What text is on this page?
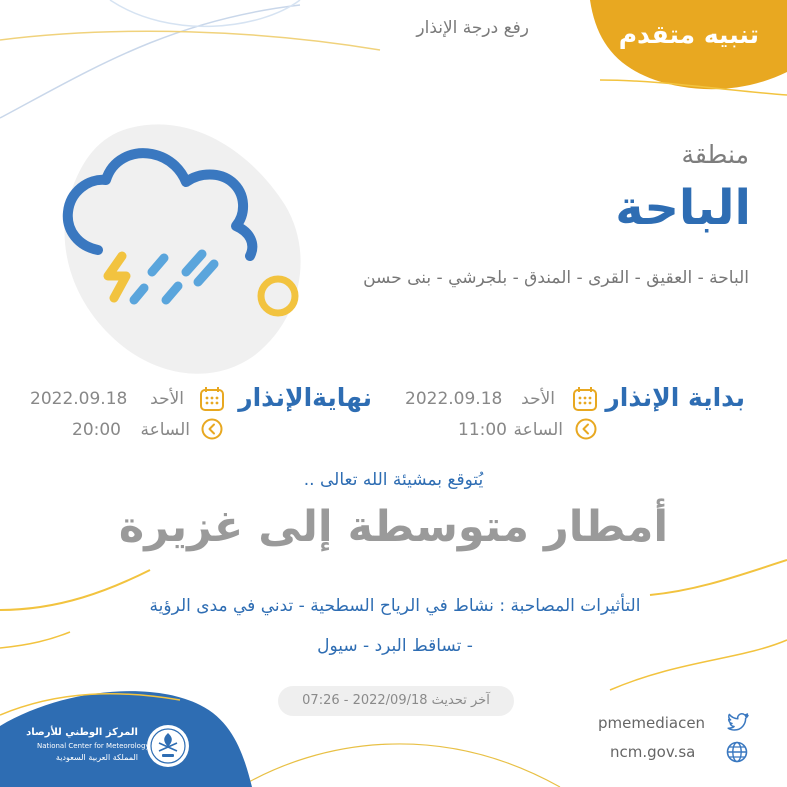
تنبيه متقدم
رفع درجة الإنذار
منطقة
الباحة
الباحة - العقيق - القرى - المندق - بلجرشي - بنى حسن
بداية الإنذار
الأحد
2022.09.18
الساعة
11:00
نهايةالإنذار
الأحد
2022.09.18
الساعة
20:00
يُتوقع بمشيئة الله تعالى ..
أمطار متوسطة إلى غزيرة
التأثيرات المصاحبة : نشاط في الرياح السطحية - تدني في مدى الرؤية
- تساقط البرد - سيول
آخر تحديث 2022/09/18 - 07:26
pmemediacen
ncm.gov.sa
المركز الوطني للأرصاد
National Center for Meteorology
المملكة العربية السعودية
